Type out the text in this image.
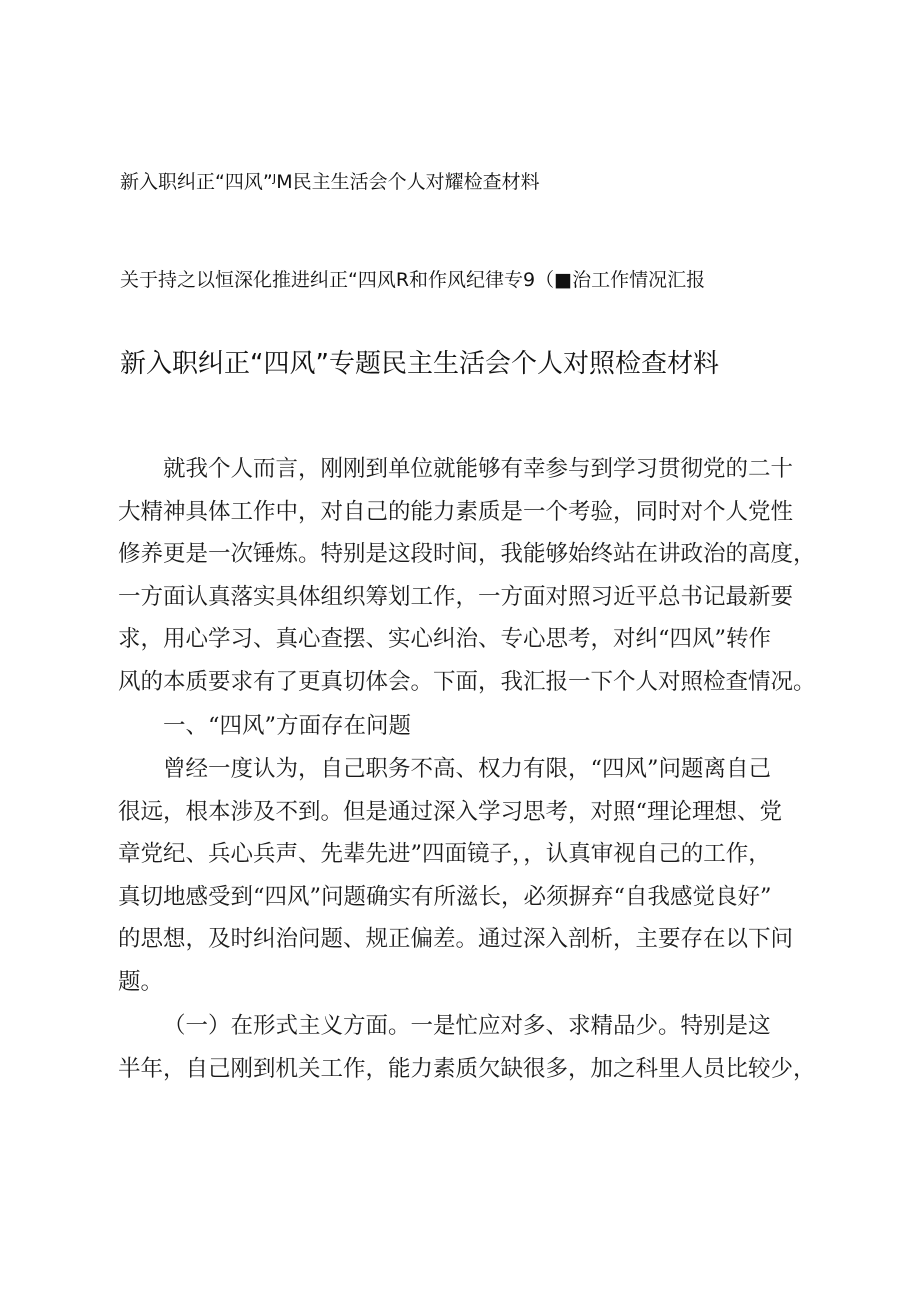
新入职纠正“四风”ᴶM民主生活会个人对耀检查材料
关于持之以恒深化推进纠正“四风R和作风纪律专9（■治工作情况汇报
新入职纠正“四风”专题民主生活会个人对照检查材料
就我个人而言，刚刚到单位就能够有幸参与到学习贯彻党的二十
大精神具体工作中，对自己的能力素质是一个考验，同时对个人党性
修养更是一次锤炼。特别是这段时间，我能够始终站在讲政治的高度，
一方面认真落实具体组织筹划工作，一方面对照习近平总书记最新要
求，用心学习、真心查摆、实心纠治、专心思考，对纠“四风”转作
风的本质要求有了更真切体会。下面，我汇报一下个人对照检查情况。
一、“四风”方面存在问题
曾经一度认为，自己职务不高、权力有限，“四风”问题离自己
很远，根本涉及不到。但是通过深入学习思考，对照“理论理想、党
章党纪、兵心兵声、先辈先进”四面镜子，，认真审视自己的工作，
真切地感受到“四风”问题确实有所滋长，必须摒弃“自我感觉良好”
的思想，及时纠治问题、规正偏差。通过深入剖析，主要存在以下问
题。
（一）在形式主义方面。一是忙应对多、求精品少。特别是这
半年，自己刚到机关工作，能力素质欠缺很多，加之科里人员比较少，
